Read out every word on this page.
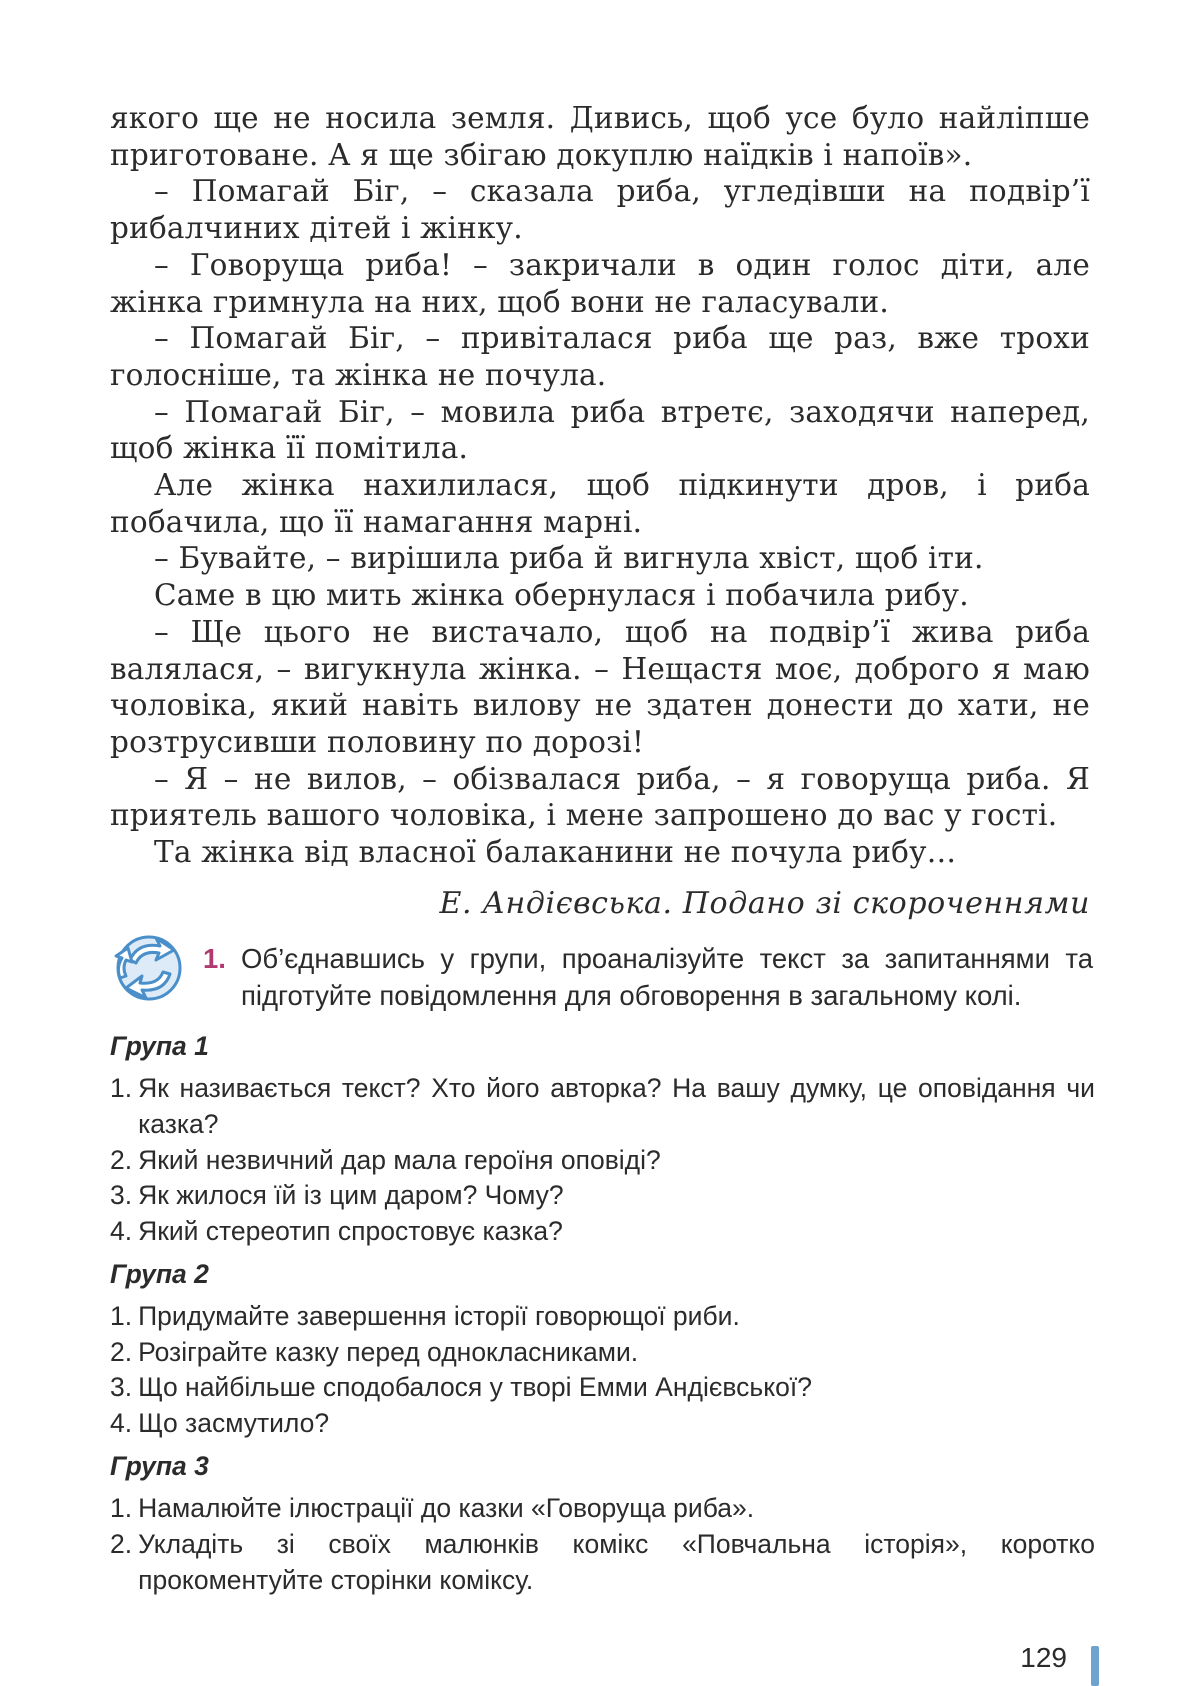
якого ще не носила земля. Дивись, щоб усе було найліпше приготоване. А я ще збігаю докуплю наїдків і напоїв».

– Помагай Біг, – сказала риба, угледівши на подвір’ї рибалчиних дітей і жінку.

– Говоруща риба! – закричали в один голос діти, але жінка гримнула на них, щоб вони не галасували.

– Помагай Біг, – привіталася риба ще раз, вже трохи голосніше, та жінка не почула.

– Помагай Біг, – мовила риба втретє, заходячи наперед, щоб жінка її помітила.

Але жінка нахилилася, щоб підкинути дров, і риба побачила, що її намагання марні.

– Бувайте, – вирішила риба й вигнула хвіст, щоб іти.

Саме в цю мить жінка обернулася і побачила рибу.

– Ще цього не вистачало, щоб на подвір’ї жива риба валялася, – вигукнула жінка. – Нещастя моє, доброго я маю чоловіка, який навіть вилову не здатен донести до хати, не розтрусивши половину по дорозі!

– Я – не вилов, – обізвалася риба, – я говоруща риба. Я приятель вашого чоловіка, і мене запрошено до вас у гості.

Та жінка від власної балаканини не почула рибу…

Е. Андієвська. Подано зі скороченнями
1. Об’єднавшись у групи, проаналізуйте текст за запитаннями та підготуйте повідомлення для обговорення в загальному колі.
Група 1
1. Як називається текст? Хто його авторка? На вашу думку, це оповідання чи казка?
2. Який незвичний дар мала героїня оповіді?
3. Як жилося їй із цим даром? Чому?
4. Який стереотип спростовує казка?
Група 2
1. Придумайте завершення історії говорющої риби.
2. Розіграйте казку перед однокласниками.
3. Що найбільше сподобалося у творі Емми Андієвської?
4. Що засмутило?
Група 3
1. Намалюйте ілюстрації до казки «Говоруща риба».
2. Укладіть зі своїх малюнків комікс «Повчальна історія», коротко прокоментуйте сторінки коміксу.
129
